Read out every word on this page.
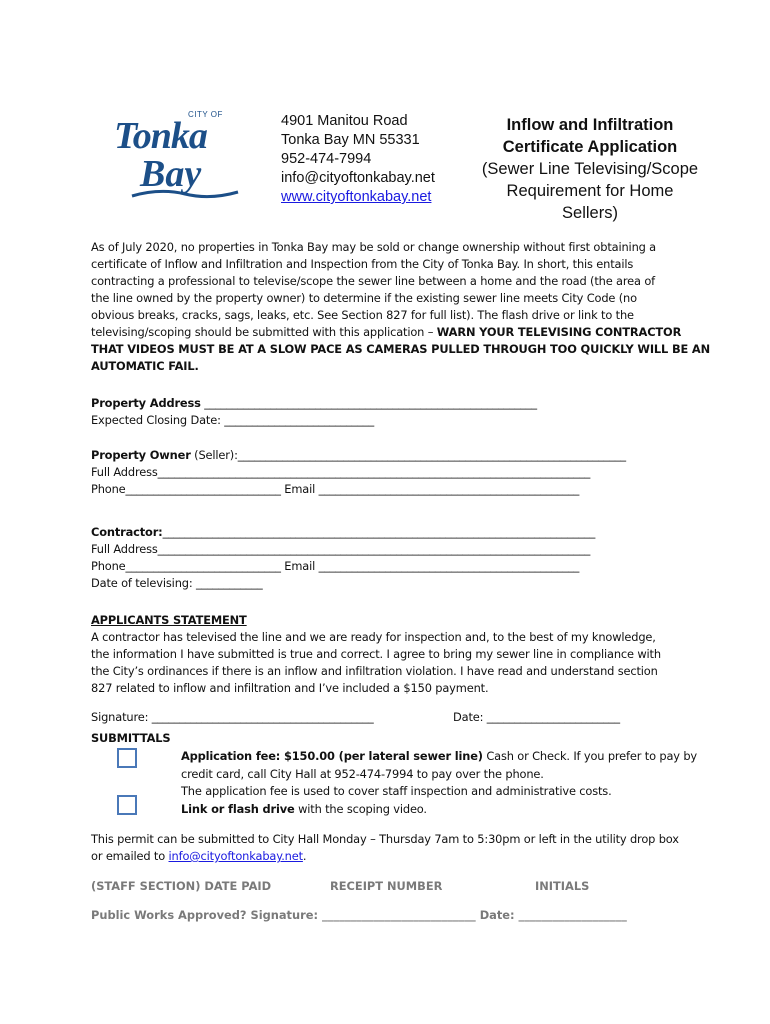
CITY OF
Tonka
Bay
4901 Manitou Road
Tonka Bay MN 55331
952-474-7994
info@cityoftonkabay.net
www.cityoftonkabay.net
Inflow and Infiltration
Certificate Application
(Sewer Line Televising/Scope
Requirement for Home
Sellers)
As of July 2020, no properties in Tonka Bay may be sold or change ownership without first obtaining a
certificate of Inflow and Infiltration and Inspection from the City of Tonka Bay. In short, this entails
contracting a professional to televise/scope the sewer line between a home and the road (the area of
the line owned by the property owner) to determine if the existing sewer line meets City Code (no
obvious breaks, cracks, sags, leaks, etc. See Section 827 for full list). The flash drive or link to the
televising/scoping should be submitted with this application – WARN YOUR TELEVISING CONTRACTOR
THAT VIDEOS MUST BE AT A SLOW PACE AS CAMERAS PULLED THROUGH TOO QUICKLY WILL BE AN
AUTOMATIC FAIL.
Property Address ____________________________________________________________
Expected Closing Date: ___________________________
Property Owner (Seller):______________________________________________________________________
Full Address______________________________________________________________________________
Phone____________________________ Email _______________________________________________
Contractor:______________________________________________________________________________
Full Address______________________________________________________________________________
Phone____________________________ Email _______________________________________________
Date of televising: ____________
APPLICANTS STATEMENT
A contractor has televised the line and we are ready for inspection and, to the best of my knowledge,
the information I have submitted is true and correct. I agree to bring my sewer line in compliance with
the City’s ordinances if there is an inflow and infiltration violation. I have read and understand section
827 related to inflow and infiltration and I’ve included a $150 payment.
Signature: ________________________________________	Date: ________________________
SUBMITTALS
Application fee: $150.00 (per lateral sewer line) Cash or Check. If you prefer to pay by
credit card, call City Hall at 952-474-7994 to pay over the phone.
The application fee is used to cover staff inspection and administrative costs.
Link or flash drive with the scoping video.
This permit can be submitted to City Hall Monday – Thursday 7am to 5:30pm or left in the utility drop box
or emailed to info@cityoftonkabay.net.
(STAFF SECTION) DATE PAID	RECEIPT NUMBER	INITIALS
Public Works Approved? Signature: ___________________________ Date: ___________________
